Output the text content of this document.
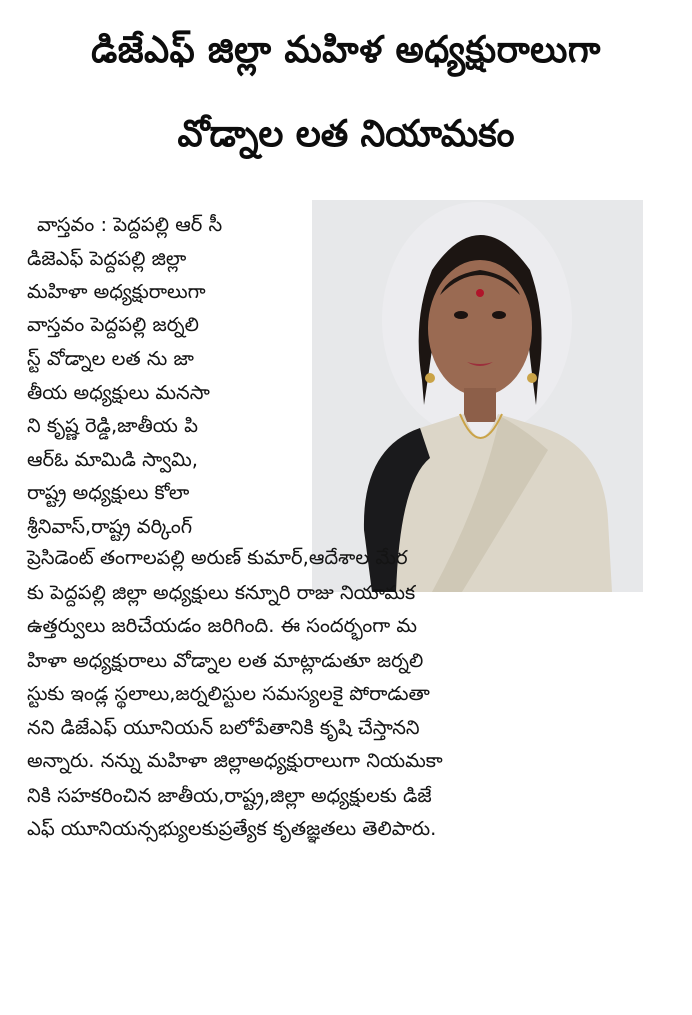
డిజేఎఫ్ జిల్లా మహిళ అధ్యక్షురాలుగా
వోడ్నాల లత నియామకం
వాస్తవం : పెద్దపల్లి ఆర్ సీ
డిజెఎఫ్ పెద్దపల్లి జిల్లా
మహిళా అధ్యక్షురాలుగా
వాస్తవం పెద్దపల్లి జర్నలి
స్ట్ వోడ్నాల లత ను జా
తీయ అధ్యక్షులు మనసా
ని కృష్ణ రెడ్డి,జాతీయ పి
ఆర్ఓ మామిడి స్వామి,
రాష్ట్ర అధ్యక్షులు కోలా
శ్రీనివాస్,రాష్ట్ర వర్కింగ్
ప్రెసిడెంట్ తంగాలపల్లి అరుణ్ కుమార్,ఆదేశాల మేర
కు పెద్దపల్లి జిల్లా అధ్యక్షులు కన్నూరి రాజు నియామక
ఉత్తర్వులు జరిచేయడం జరిగింది. ఈ సందర్భంగా మ
హిళా అధ్యక్షురాలు వోడ్నాల లత మాట్లాడుతూ జర్నలి
స్టుకు ఇండ్ల స్థలాలు,జర్నలిస్టుల సమస్యలకై పోరాడుతా
నని డిజేఎఫ్ యూనియన్ బలోపేతానికి కృషి చేస్తానని
అన్నారు. నన్ను మహిళా జిల్లాఅధ్యక్షురాలుగా నియమకా
నికి సహకరించిన జాతీయ,రాష్ట్ర,జిల్లా అధ్యక్షులకు డిజే
ఎఫ్ యూనియన్సభ్యులకుప్రత్యేక కృతజ్ఞతలు తెలిపారు.
